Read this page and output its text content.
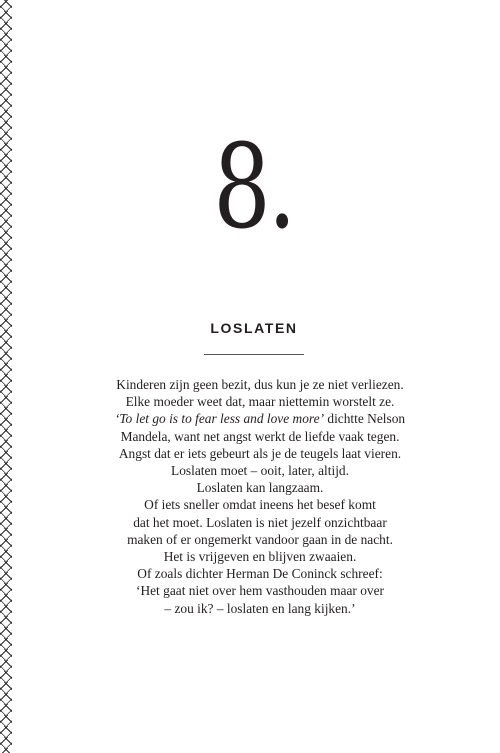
8.
LOSLATEN
Kinderen zijn geen bezit, dus kun je ze niet verliezen.
Elke moeder weet dat, maar niettemin worstelt ze.
‘To let go is to fear less and love more’ dichtte Nelson
Mandela, want net angst werkt de liefde vaak tegen.
Angst dat er iets gebeurt als je de teugels laat vieren.
Loslaten moet – ooit, later, altijd.
Loslaten kan langzaam.
Of iets sneller omdat ineens het besef komt
dat het moet. Loslaten is niet jezelf onzichtbaar
maken of er ongemerkt vandoor gaan in de nacht.
Het is vrijgeven en blijven zwaaien.
Of zoals dichter Herman De Coninck schreef:
‘Het gaat niet over hem vasthouden maar over
– zou ik? – loslaten en lang kijken.’
